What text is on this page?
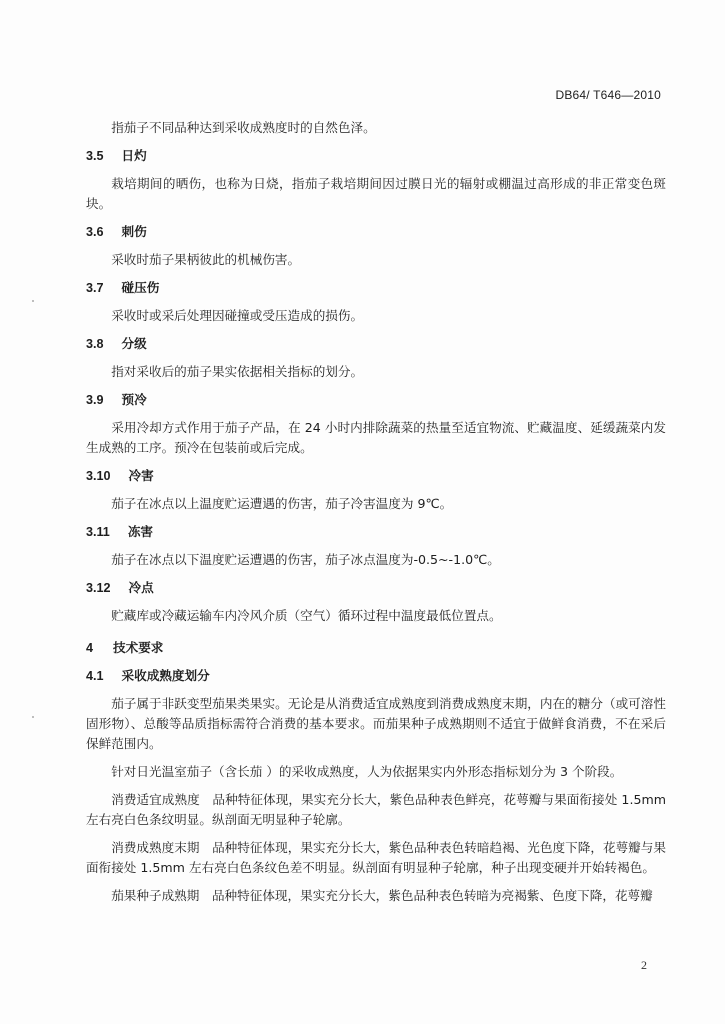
DB64/ T646—2010
指茄子不同品种达到采收成熟度时的自然色泽。
3.5 日灼
栽培期间的晒伤，也称为日烧，指茄子栽培期间因过膜日光的辐射或棚温过高形成的非正常变色斑块。
3.6 刺伤
采收时茄子果柄彼此的机械伤害。
3.7 碰压伤
采收时或采后处理因碰撞或受压造成的损伤。
3.8 分级
指对采收后的茄子果实依据相关指标的划分。
3.9 预冷
采用冷却方式作用于茄子产品，在 24 小时内排除蔬菜的热量至适宜物流、贮藏温度、延缓蔬菜内发生成熟的工序。预冷在包装前或后完成。
3.10 冷害
茄子在冰点以上温度贮运遭遇的伤害，茄子冷害温度为 9℃。
3.11 冻害
茄子在冰点以下温度贮运遭遇的伤害，茄子冰点温度为-0.5~-1.0℃。
3.12 冷点
贮藏库或冷藏运输车内冷风介质（空气）循环过程中温度最低位置点。
4 技术要求
4.1 采收成熟度划分
茄子属于非跃变型茄果类果实。无论是从消费适宜成熟度到消费成熟度末期，内在的糖分（或可溶性固形物）、总酸等品质指标需符合消费的基本要求。而茄果种子成熟期则不适宜于做鲜食消费，不在采后保鲜范围内。
针对日光温室茄子（含长茄 ）的采收成熟度，人为依据果实内外形态指标划分为 3 个阶段。
消费适宜成熟度　品种特征体现，果实充分长大，紫色品种表色鲜亮，花萼瓣与果面衔接处 1.5mm 左右亮白色条纹明显。纵剖面无明显种子轮廓。
消费成熟度末期　品种特征体现，果实充分长大，紫色品种表色转暗趋褐、光色度下降，花萼瓣与果面衔接处 1.5mm 左右亮白色条纹色差不明显。纵剖面有明显种子轮廓，种子出现变硬并开始转褐色。
茄果种子成熟期　品种特征体现，果实充分长大，紫色品种表色转暗为亮褐紫、色度下降，花萼瓣
2
